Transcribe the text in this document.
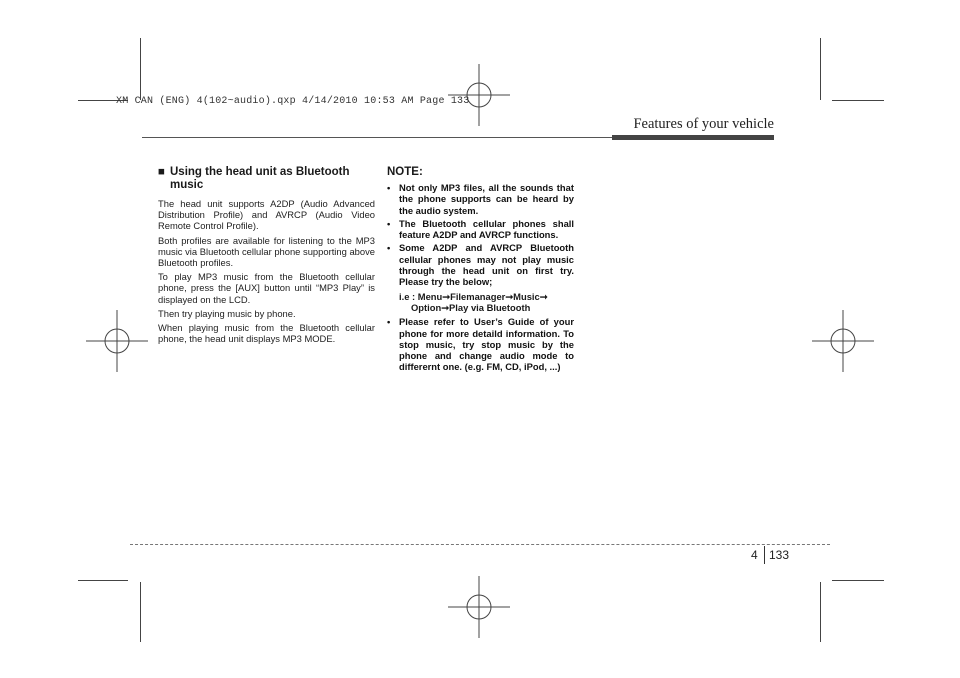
XM CAN (ENG) 4(102~audio).qxp 4/14/2010 10:53 AM Page 133
Features of your vehicle
■ Using the head unit as Bluetooth music

The head unit supports A2DP (Audio Advanced Distribution Profile) and AVRCP (Audio Video Remote Control Profile).

Both profiles are available for listening to the MP3 music via Bluetooth cellular phone supporting above Bluetooth profiles.

To play MP3 music from the Bluetooth cellular phone, press the [AUX] button until “MP3 Play” is displayed on the LCD.

Then try playing music by phone.

When playing music from the Bluetooth cellular phone, the head unit displays MP3 MODE.

NOTE:
• Not only MP3 files, all the sounds that the phone supports can be heard by the audio system.
• The Bluetooth cellular phones shall feature A2DP and AVRCP functions.
• Some A2DP and AVRCP Bluetooth cellular phones may not play music through the head unit on first try. Please try the below;
i.e : Menu➞Filemanager➞Music➞
Option➞Play via Bluetooth
• Please refer to User’s Guide of your phone for more detaild information. To stop music, try stop music by the phone and change audio mode to differernt one. (e.g. FM, CD, iPod, ...)
4 133
